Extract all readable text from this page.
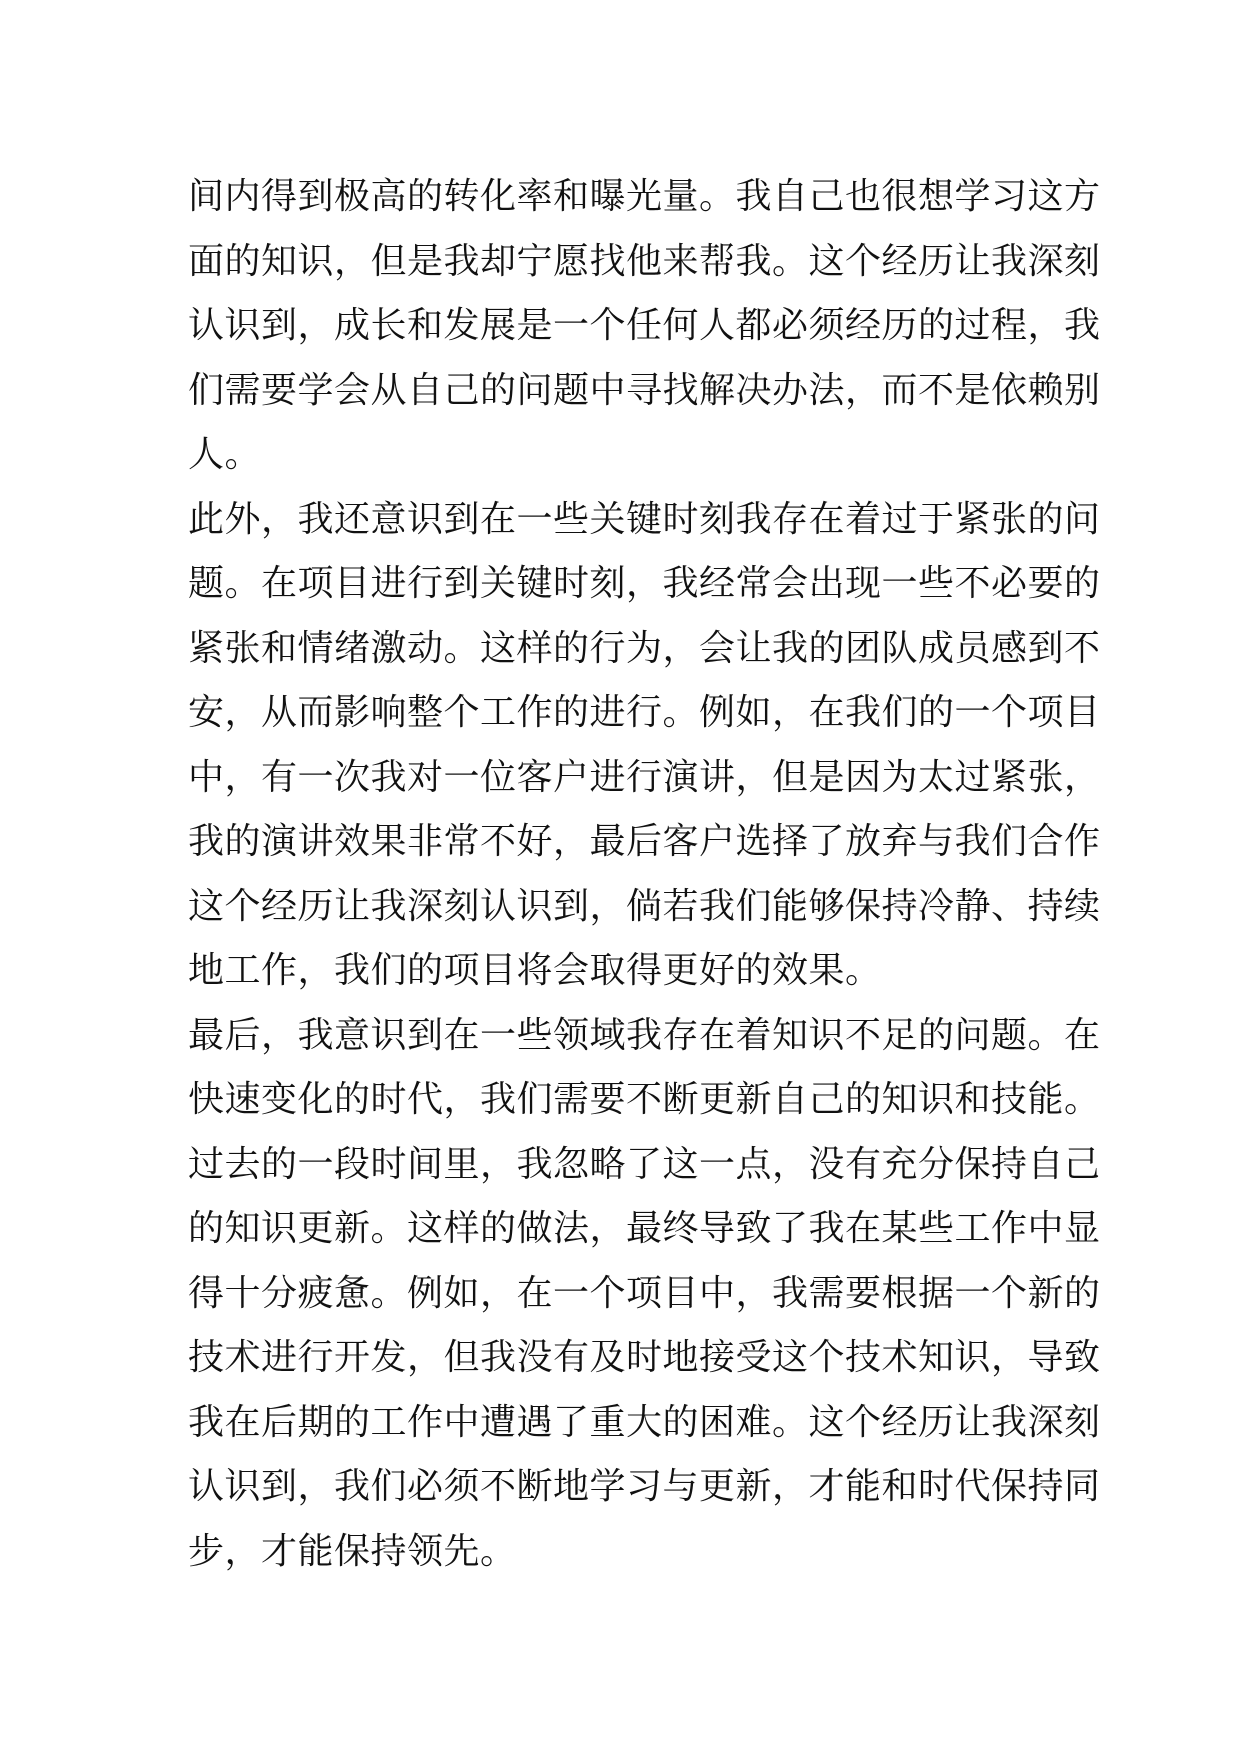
间内得到极高的转化率和曝光量。我自己也很想学习这方
面的知识，但是我却宁愿找他来帮我。这个经历让我深刻
认识到，成长和发展是一个任何人都必须经历的过程，我
们需要学会从自己的问题中寻找解决办法，而不是依赖别
人。

此外，我还意识到在一些关键时刻我存在着过于紧张的问
题。在项目进行到关键时刻，我经常会出现一些不必要的
紧张和情绪激动。这样的行为，会让我的团队成员感到不
安，从而影响整个工作的进行。例如，在我们的一个项目
中，有一次我对一位客户进行演讲，但是因为太过紧张，
我的演讲效果非常不好，最后客户选择了放弃与我们合作
这个经历让我深刻认识到，倘若我们能够保持冷静、持续
地工作，我们的项目将会取得更好的效果。

最后，我意识到在一些领域我存在着知识不足的问题。在
快速变化的时代，我们需要不断更新自己的知识和技能。
过去的一段时间里，我忽略了这一点，没有充分保持自己
的知识更新。这样的做法，最终导致了我在某些工作中显
得十分疲惫。例如，在一个项目中，我需要根据一个新的
技术进行开发，但我没有及时地接受这个技术知识，导致
我在后期的工作中遭遇了重大的困难。这个经历让我深刻
认识到，我们必须不断地学习与更新，才能和时代保持同
步，才能保持领先。
